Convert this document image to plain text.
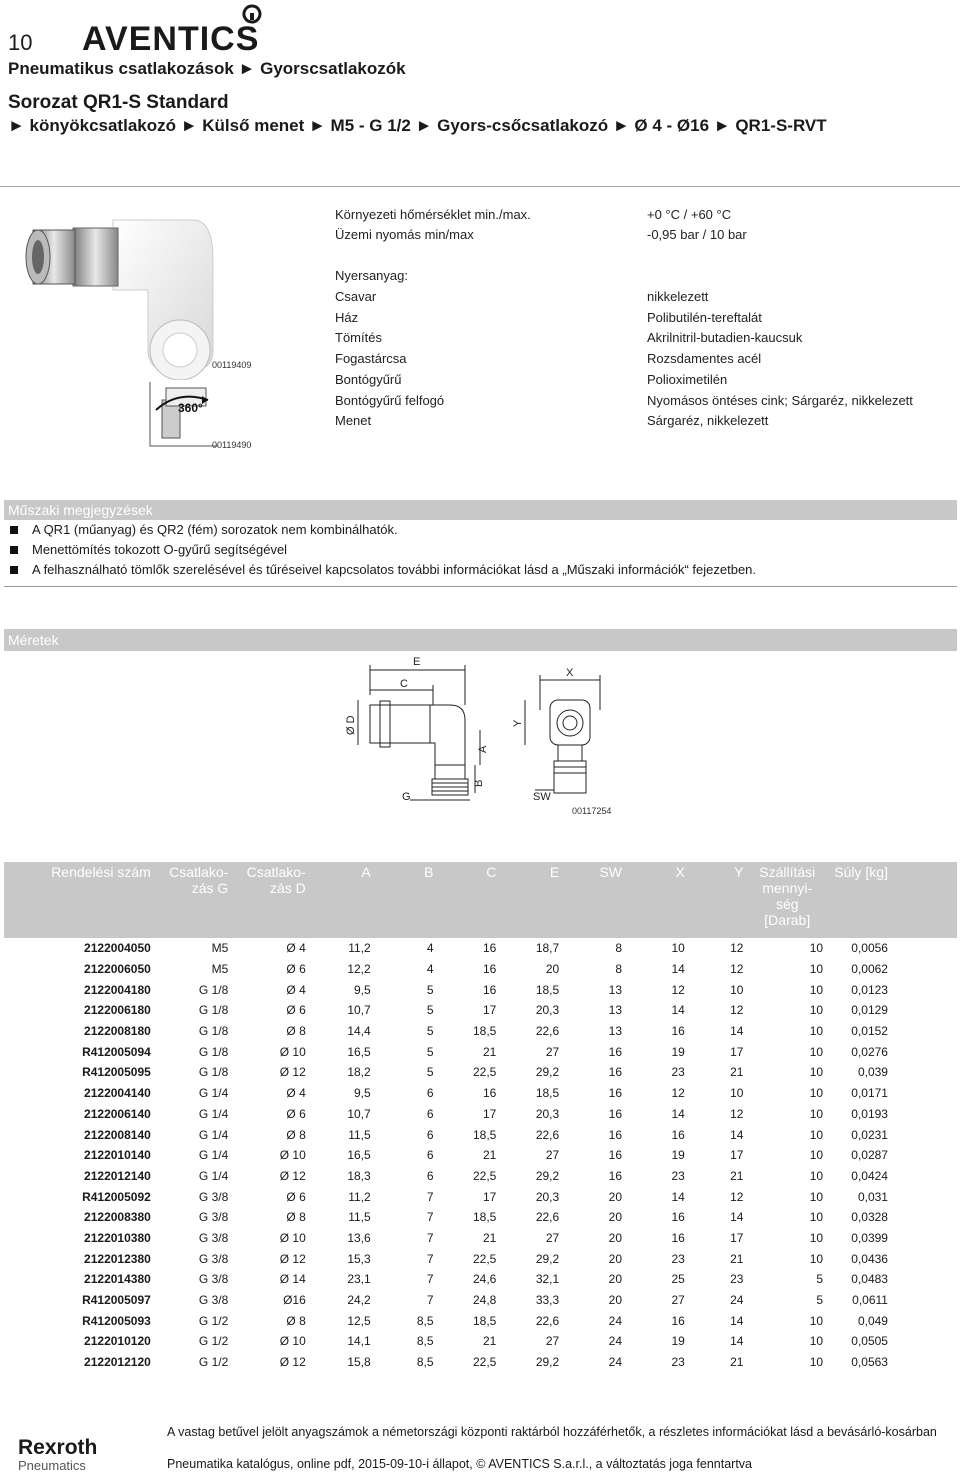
10 AVENTICS
Pneumatikus csatlakozások ► Gyorscsatlakozók
Sorozat QR1-S Standard
► könyökcsatlakozó ► Külső menet ► M5 - G 1/2 ► Gyors-csőcsatlakozó ► Ø 4 - Ø16 ► QR1-S-RVT
00119409
360°
00119490
Környezeti hőmérséklet min./max.	+0 °C / +60 °C
Üzemi nyomás min/max	-0,95 bar / 10 bar
Nyersanyag:
Csavar	nikkelezett
Ház	Polibutilén-tereftalát
Tömítés	Akrilnitril-butadien-kaucsuk
Fogastárcsa	Rozsdamentes acél
Bontógyűrű	Polioximetilén
Bontógyűrű felfogó	Nyomásos öntéses cink; Sárgaréz, nikkelezett
Menet	Sárgaréz, nikkelezett
Műszaki megjegyzések
A QR1 (műanyag) és QR2 (fém) sorozatok nem kombinálhatók.
Menettömítés tokozott O-gyűrű segítségével
A felhasználható tömlők szerelésével és tűréseivel kapcsolatos további információkat lásd a „Műszaki információk“ fejezetben.
Méretek
E
C
X
Ø D	Y
A
B
G	SW
00117254
Rendelési szám	Csatlako-zás G	Csatlako-zás D	A	B	C	E	SW	X	Y	Szállítási mennyi-ség [Darab]	Súly [kg]	
2122004050	M5	Ø 4	11,2	4	16	18,7	8	10	12	10	0,0056	
2122006050	M5	Ø 6	12,2	4	16	20	8	14	12	10	0,0062	
2122004180	G 1/8	Ø 4	9,5	5	16	18,5	13	12	10	10	0,0123	
2122006180	G 1/8	Ø 6	10,7	5	17	20,3	13	14	12	10	0,0129	
2122008180	G 1/8	Ø 8	14,4	5	18,5	22,6	13	16	14	10	0,0152	
R412005094	G 1/8	Ø 10	16,5	5	21	27	16	19	17	10	0,0276	
R412005095	G 1/8	Ø 12	18,2	5	22,5	29,2	16	23	21	10	0,039	
2122004140	G 1/4	Ø 4	9,5	6	16	18,5	16	12	10	10	0,0171	
2122006140	G 1/4	Ø 6	10,7	6	17	20,3	16	14	12	10	0,0193	
2122008140	G 1/4	Ø 8	11,5	6	18,5	22,6	16	16	14	10	0,0231	
2122010140	G 1/4	Ø 10	16,5	6	21	27	16	19	17	10	0,0287	
2122012140	G 1/4	Ø 12	18,3	6	22,5	29,2	16	23	21	10	0,0424	
R412005092	G 3/8	Ø 6	11,2	7	17	20,3	20	14	12	10	0,031	
2122008380	G 3/8	Ø 8	11,5	7	18,5	22,6	20	16	14	10	0,0328	
2122010380	G 3/8	Ø 10	13,6	7	21	27	20	16	17	10	0,0399	
2122012380	G 3/8	Ø 12	15,3	7	22,5	29,2	20	23	21	10	0,0436	
2122014380	G 3/8	Ø 14	23,1	7	24,6	32,1	20	25	23	5	0,0483	
R412005097	G 3/8	Ø16	24,2	7	24,8	33,3	20	27	24	5	0,0611	
R412005093	G 1/2	Ø 8	12,5	8,5	18,5	22,6	24	16	14	10	0,049	
2122010120	G 1/2	Ø 10	14,1	8,5	21	27	24	19	14	10	0,0505	
2122012120	G 1/2	Ø 12	15,8	8,5	22,5	29,2	24	23	21	10	0,0563	
Rexroth
Pneumatics
A vastag betűvel jelölt anyagszámok a németországi központi raktárból hozzáférhetők, a részletes információkat lásd a bevásárló-kosárban
Pneumatika katalógus, online pdf, 2015-09-10-i állapot, © AVENTICS S.a.r.l., a változtatás joga fenntartva
